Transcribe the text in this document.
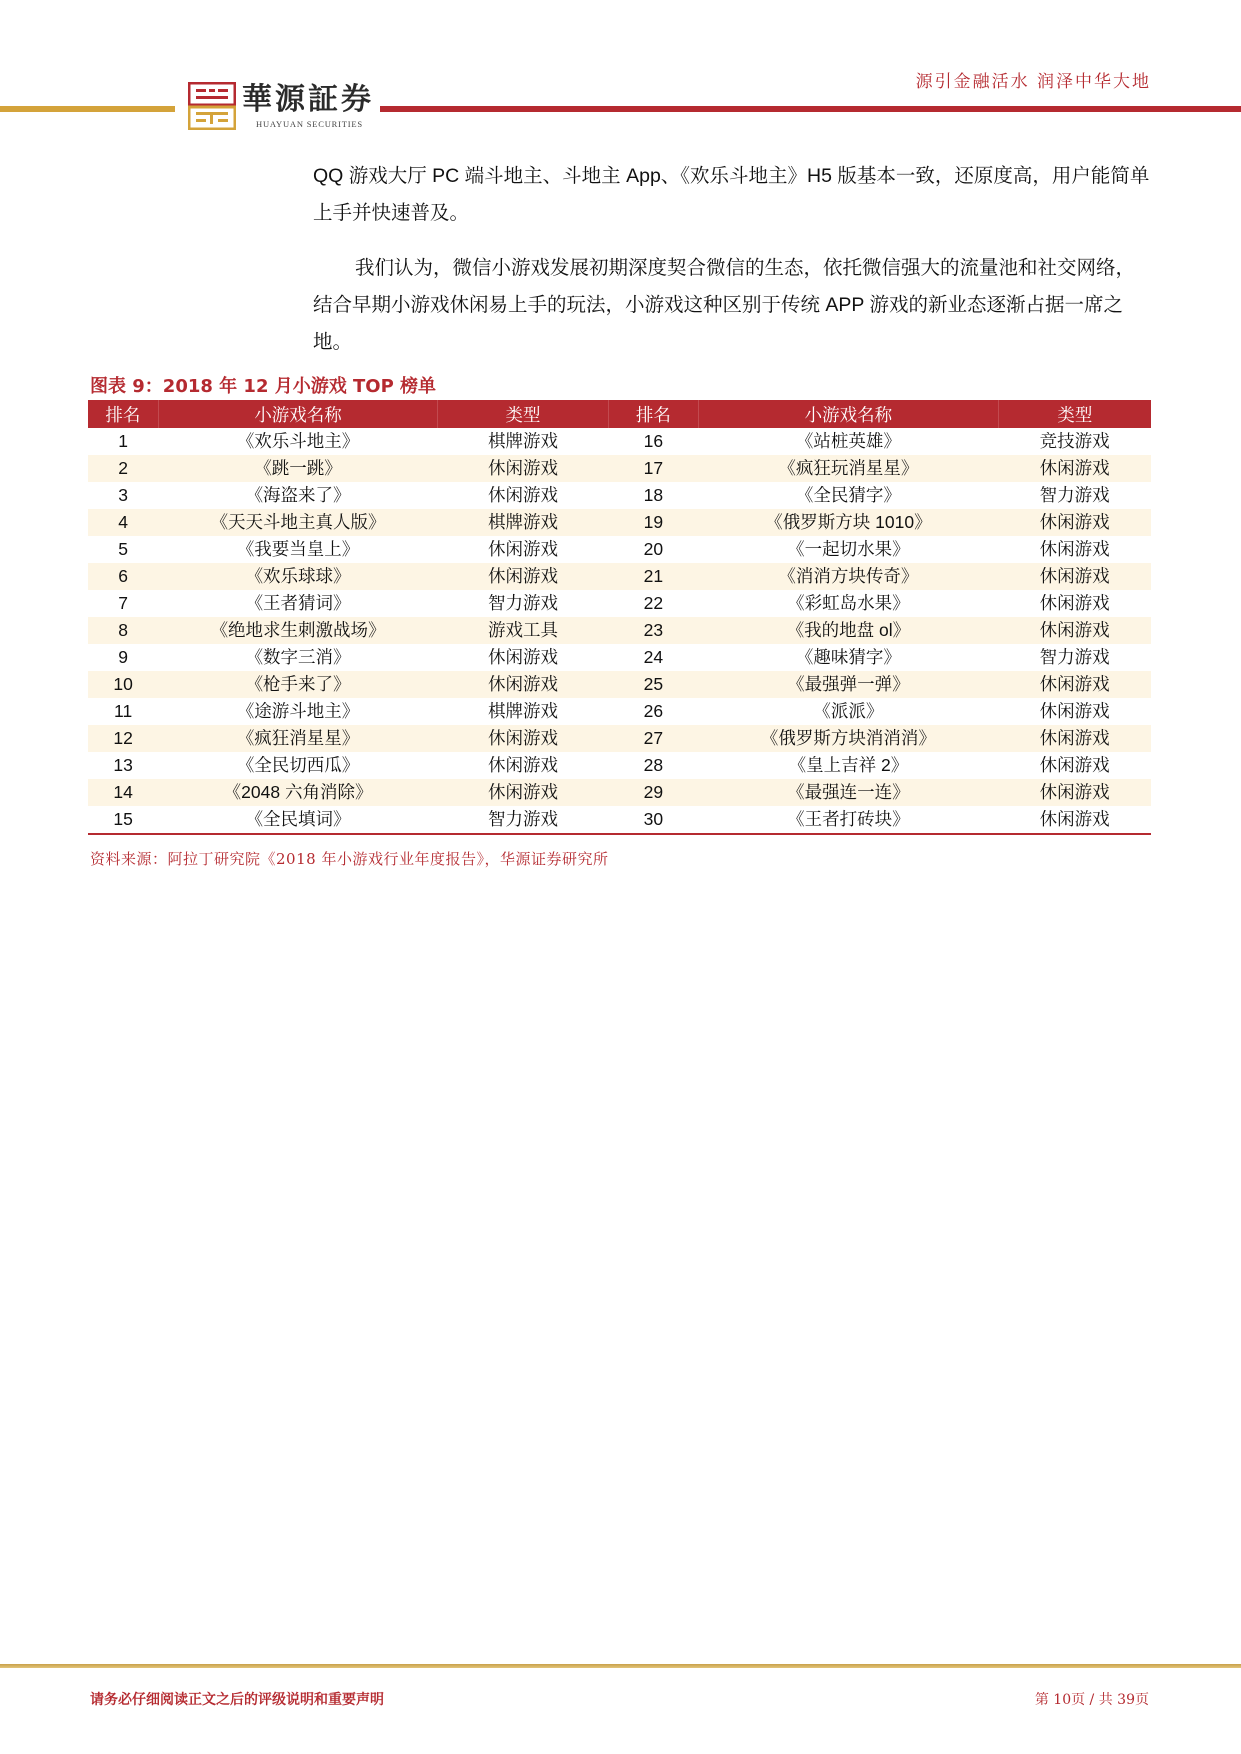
華源証券
HUAYUAN SECURITIES
源引金融活水 润泽中华大地
QQ 游戏大厅 PC 端斗地主、斗地主 App、《欢乐斗地主》H5 版基本一致，还原度高，用户能简单上手并快速普及。
我们认为，微信小游戏发展初期深度契合微信的生态，依托微信强大的流量池和社交网络，结合早期小游戏休闲易上手的玩法，小游戏这种区别于传统 APP 游戏的新业态逐渐占据一席之地。
图表 9：2018 年 12 月小游戏 TOP 榜单
排名	小游戏名称	类型	排名	小游戏名称	类型
1	《欢乐斗地主》	棋牌游戏	16	《站桩英雄》	竞技游戏
2	《跳一跳》	休闲游戏	17	《疯狂玩消星星》	休闲游戏
3	《海盗来了》	休闲游戏	18	《全民猜字》	智力游戏
4	《天天斗地主真人版》	棋牌游戏	19	《俄罗斯方块 1010》	休闲游戏
5	《我要当皇上》	休闲游戏	20	《一起切水果》	休闲游戏
6	《欢乐球球》	休闲游戏	21	《消消方块传奇》	休闲游戏
7	《王者猜词》	智力游戏	22	《彩虹岛水果》	休闲游戏
8	《绝地求生刺激战场》	游戏工具	23	《我的地盘 ol》	休闲游戏
9	《数字三消》	休闲游戏	24	《趣味猜字》	智力游戏
10	《枪手来了》	休闲游戏	25	《最强弹一弹》	休闲游戏
11	《途游斗地主》	棋牌游戏	26	《派派》	休闲游戏
12	《疯狂消星星》	休闲游戏	27	《俄罗斯方块消消消》	休闲游戏
13	《全民切西瓜》	休闲游戏	28	《皇上吉祥 2》	休闲游戏
14	《2048 六角消除》	休闲游戏	29	《最强连一连》	休闲游戏
15	《全民填词》	智力游戏	30	《王者打砖块》	休闲游戏
资料来源：阿拉丁研究院《2018 年小游戏行业年度报告》，华源证券研究所
请务必仔细阅读正文之后的评级说明和重要声明	第 10页 / 共 39页
